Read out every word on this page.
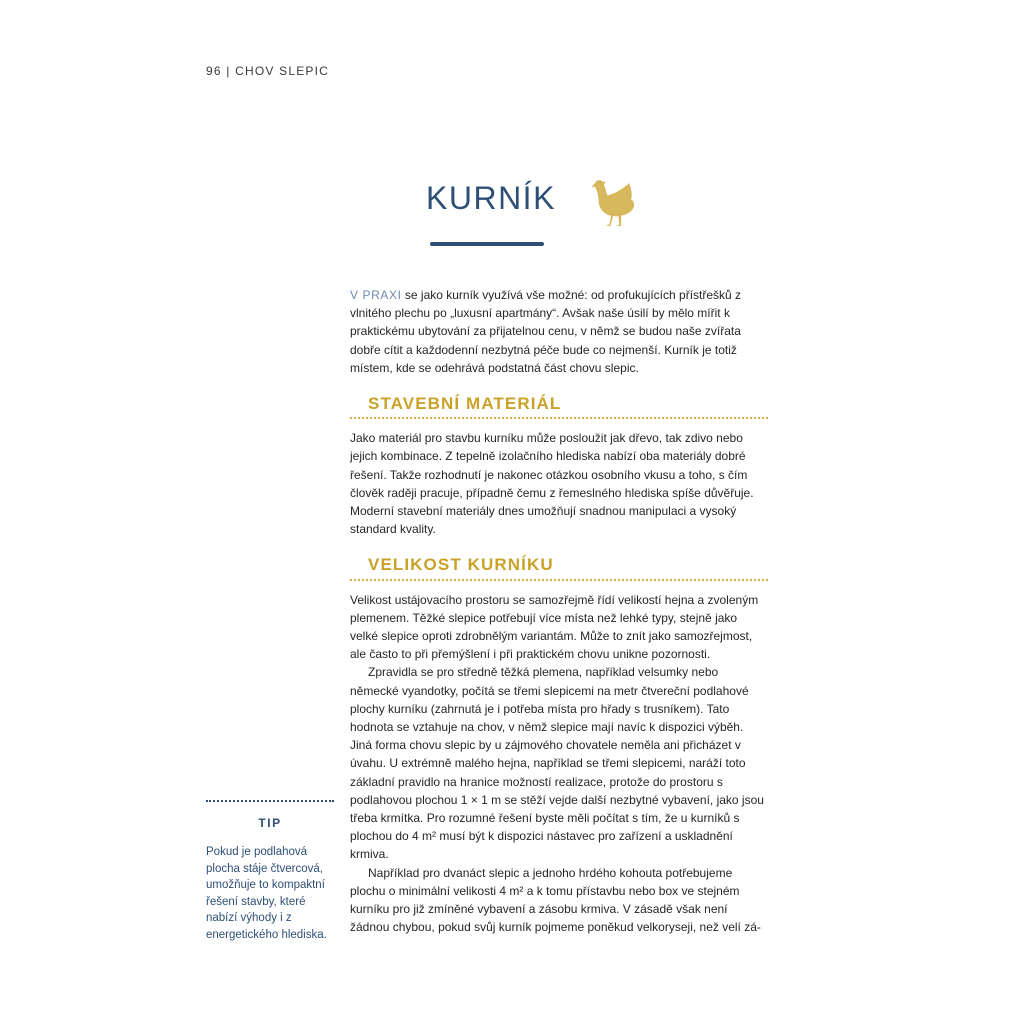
96 | CHOV SLEPIC
KURNÍK

V PRAXI se jako kurník využívá vše možné: od profukujících přístřešků z vlnitého plechu po „luxusní apartmány“. Avšak naše úsilí by mělo mířit k praktickému ubytování za přijatelnou cenu, v němž se budou naše zvířata dobře cítit a každodenní nezbytná péče bude co nejmenší. Kurník je totiž místem, kde se odehrává podstatná část chovu slepic.

STAVEBNÍ MATERIÁL

Jako materiál pro stavbu kurníku může posloužit jak dřevo, tak zdivo nebo jejich kombinace. Z tepelně izolačního hlediska nabízí oba materiály dobré řešení. Takže rozhodnutí je nakonec otázkou osobního vkusu a toho, s čím člověk raději pracuje, případně čemu z řemeslného hlediska spíše důvěřuje. Moderní stavební materiály dnes umožňují snadnou manipulaci a vysoký standard kvality.

VELIKOST KURNÍKU

Velikost ustájovacího prostoru se samozřejmě řídí velikostí hejna a zvoleným plemenem. Těžké slepice potřebují více místa než lehké typy, stejně jako velké slepice oproti zdrobnělým variantám. Může to znít jako samozřejmost, ale často to při přemýšlení i při praktickém chovu unikne pozornosti.

Zpravidla se pro středně těžká plemena, například velsumky nebo německé vyandotky, počítá se třemi slepicemi na metr čtvereční podlahové plochy kurníku (zahrnutá je i potřeba místa pro hřady s trusníkem). Tato hodnota se vztahuje na chov, v němž slepice mají navíc k dispozici výběh. Jiná forma chovu slepic by u zájmového chovatele neměla ani přicházet v úvahu. U extrémně malého hejna, například se třemi slepicemi, naráží toto základní pravidlo na hranice možností realizace, protože do prostoru s podlahovou plochou 1 × 1 m se stěží vejde další nezbytné vybavení, jako jsou třeba krmítka. Pro rozumné řešení byste měli počítat s tím, že u kurníků s plochou do 4 m² musí být k dispozici nástavec pro zařízení a uskladnění krmiva.

Například pro dvanáct slepic a jednoho hrdého kohouta potřebujeme plochu o minimální velikosti 4 m² a k tomu přístavbu nebo box ve stejném kurníku pro již zmíněné vybavení a zásobu krmiva. V zásadě však není žádnou chybou, pokud svůj kurník pojmeme poněkud velkoryseji, než velí zá-

TIP
Pokud je podlahová plocha stáje čtvercová, umožňuje to kompaktní řešení stavby, které nabízí výhody i z energetického hlediska.
